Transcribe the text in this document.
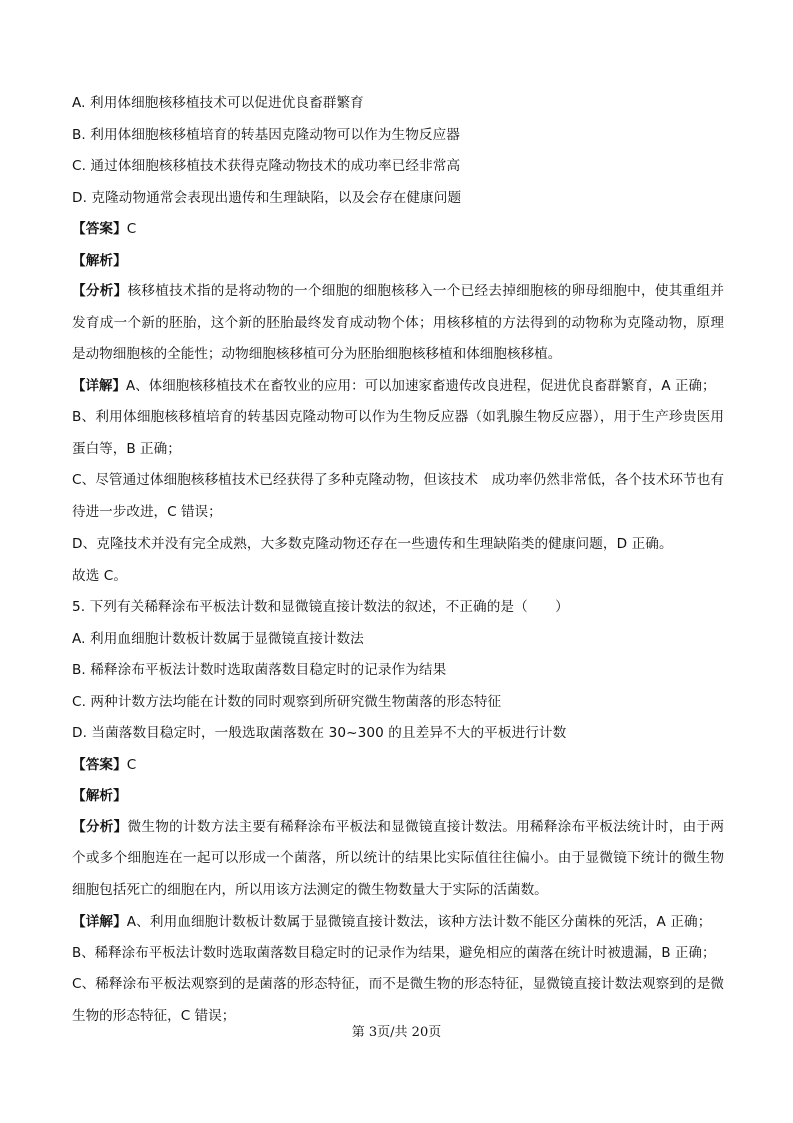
A. 利用体细胞核移植技术可以促进优良畜群繁育
B. 利用体细胞核移植培育的转基因克隆动物可以作为生物反应器
C. 通过体细胞核移植技术获得克隆动物技术的成功率已经非常高
D. 克隆动物通常会表现出遗传和生理缺陷，以及会存在健康问题
【答案】C
【解析】
【分析】核移植技术指的是将动物的一个细胞的细胞核移入一个已经去掉细胞核的卵母细胞中，使其重组并发育成一个新的胚胎，这个新的胚胎最终发育成动物个体；用核移植的方法得到的动物称为克隆动物，原理是动物细胞核的全能性；动物细胞核移植可分为胚胎细胞核移植和体细胞核移植。
【详解】A、体细胞核移植技术在畜牧业的应用：可以加速家畜遗传改良进程，促进优良畜群繁育，A 正确；
B、利用体细胞核移植培育的转基因克隆动物可以作为生物反应器（如乳腺生物反应器），用于生产珍贵医用蛋白等，B 正确；
C、尽管通过体细胞核移植技术已经获得了多种克隆动物，但该技术　成功率仍然非常低，各个技术环节也有待进一步改进，C 错误；
D、克隆技术并没有完全成熟，大多数克隆动物还存在一些遗传和生理缺陷类的健康问题，D 正确。
故选 C。
5. 下列有关稀释涂布平板法计数和显微镜直接计数法的叙述，不正确的是（　　）
A. 利用血细胞计数板计数属于显微镜直接计数法
B. 稀释涂布平板法计数时选取菌落数目稳定时的记录作为结果
C. 两种计数方法均能在计数的同时观察到所研究微生物菌落的形态特征
D. 当菌落数目稳定时，一般选取菌落数在 30~300 的且差异不大的平板进行计数
【答案】C
【解析】
【分析】微生物的计数方法主要有稀释涂布平板法和显微镜直接计数法。用稀释涂布平板法统计时，由于两个或多个细胞连在一起可以形成一个菌落，所以统计的结果比实际值往往偏小。由于显微镜下统计的微生物细胞包括死亡的细胞在内，所以用该方法测定的微生物数量大于实际的活菌数。
【详解】A、利用血细胞计数板计数属于显微镜直接计数法，该种方法计数不能区分菌株的死活，A 正确；
B、稀释涂布平板法计数时选取菌落数目稳定时的记录作为结果，避免相应的菌落在统计时被遗漏，B 正确；
C、稀释涂布平板法观察到的是菌落的形态特征，而不是微生物的形态特征，显微镜直接计数法观察到的是微生物的形态特征，C 错误；
第 3页/共 20页
